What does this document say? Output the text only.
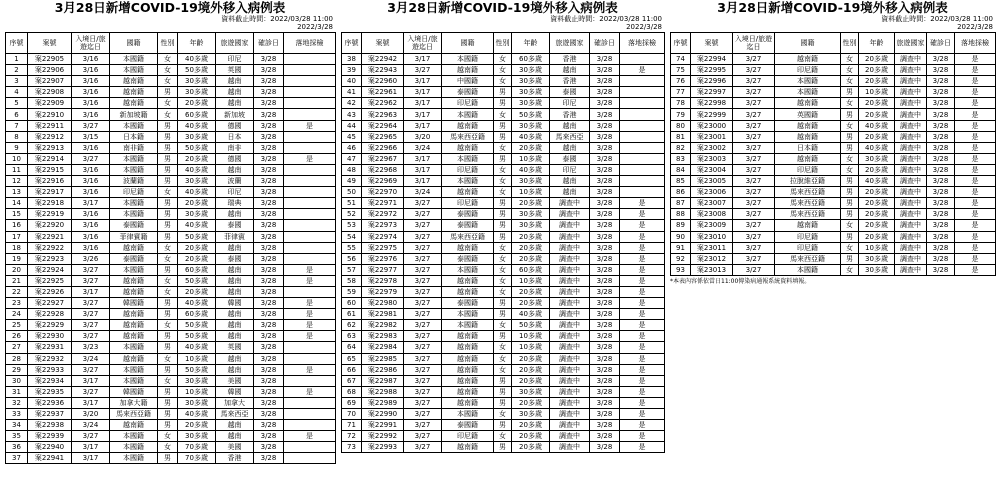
3月28日新增COVID-19境外移入病例表
資料截止時間：2022/03/28 11:00
2022/3/28
序號	案號	入境日/旅遊迄日	國籍	性別	年齡	旅遊國家	確診日	落地採檢
1	案22905	3/16	本國籍	女	40多歲	印尼	3/28	
2	案22906	3/16	本國籍	女	50多歲	英國	3/28	
3	案22907	3/16	越南籍	女	30多歲	越南	3/28	
4	案22908	3/16	越南籍	男	30多歲	越南	3/28	
5	案22909	3/16	越南籍	女	20多歲	越南	3/28	
6	案22910	3/16	新加坡籍	女	60多歲	新加坡	3/28	
7	案22911	3/27	本國籍	男	40多歲	德國	3/28	是
8	案22912	3/15	日本籍	男	30多歲	日本	3/28	
9	案22913	3/16	南非籍	男	50多歲	南非	3/28	
10	案22914	3/27	本國籍	男	20多歲	德國	3/28	是
11	案22915	3/16	本國籍	男	40多歲	越南	3/28	
12	案22916	3/16	波蘭籍	男	30多歲	波蘭	3/28	
13	案22917	3/16	印尼籍	女	40多歲	印尼	3/28	
14	案22918	3/17	本國籍	男	20多歲	瑞典	3/28	
15	案22919	3/16	本國籍	男	30多歲	越南	3/28	
16	案22920	3/16	泰國籍	男	40多歲	泰國	3/28	
17	案22921	3/16	菲律賓籍	男	50多歲	菲律賓	3/28	
18	案22922	3/16	越南籍	女	20多歲	越南	3/28	
19	案22923	3/26	泰國籍	女	20多歲	泰國	3/28	
20	案22924	3/27	本國籍	男	60多歲	越南	3/28	是
21	案22925	3/27	越南籍	女	50多歲	越南	3/28	是
22	案22926	3/17	越南籍	女	20多歲	越南	3/28	
23	案22927	3/27	韓國籍	男	40多歲	韓國	3/28	是
24	案22928	3/27	越南籍	男	60多歲	越南	3/28	是
25	案22929	3/27	越南籍	女	50多歲	越南	3/28	是
26	案22930	3/27	越南籍	男	50多歲	越南	3/28	是
27	案22931	3/23	本國籍	男	40多歲	英國	3/28	
28	案22932	3/24	越南籍	女	10多歲	越南	3/28	
29	案22933	3/27	本國籍	男	50多歲	越南	3/28	是
30	案22934	3/17	本國籍	女	30多歲	美國	3/28	
31	案22935	3/27	韓國籍	男	10多歲	韓國	3/28	是
32	案22936	3/17	加拿大籍	男	30多歲	加拿大	3/28	
33	案22937	3/20	馬來西亞籍	男	40多歲	馬來西亞	3/28	
34	案22938	3/24	越南籍	男	20多歲	越南	3/28	
35	案22939	3/27	本國籍	女	30多歲	越南	3/28	是
36	案22940	3/17	本國籍	女	70多歲	美國	3/28	
37	案22941	3/17	本國籍	男	70多歲	香港	3/28	
3月28日新增COVID-19境外移入病例表
資料截止時間：2022/03/28 11:00
2022/3/28
序號	案號	入境日/旅遊迄日	國籍	性別	年齡	旅遊國家	確診日	落地採檢
38	案22942	3/17	本國籍	女	60多歲	香港	3/28	
39	案22943	3/27	越南籍	女	30多歲	越南	3/28	是
40	案22960	3/17	中國籍	女	30多歲	香港	3/28	
41	案22961	3/17	泰國籍	男	30多歲	泰國	3/28	
42	案22962	3/17	印尼籍	男	30多歲	印尼	3/28	
43	案22963	3/17	本國籍	女	50多歲	香港	3/28	
44	案22964	3/17	越南籍	男	30多歲	越南	3/28	
45	案22965	3/20	馬來西亞籍	男	40多歲	馬來西亞	3/28	
46	案22966	3/24	越南籍	女	20多歲	越南	3/28	
47	案22967	3/17	本國籍	男	10多歲	泰國	3/28	
48	案22968	3/17	印尼籍	女	40多歲	印尼	3/28	
49	案22969	3/17	本國籍	女	30多歲	越南	3/28	
50	案22970	3/24	越南籍	女	10多歲	越南	3/28	
51	案22971	3/27	印尼籍	男	20多歲	調查中	3/28	是
52	案22972	3/27	泰國籍	男	30多歲	調查中	3/28	是
53	案22973	3/27	泰國籍	男	30多歲	調查中	3/28	是
54	案22974	3/27	馬來西亞籍	男	20多歲	調查中	3/28	是
55	案22975	3/27	越南籍	女	20多歲	調查中	3/28	是
56	案22976	3/27	泰國籍	女	20多歲	調查中	3/28	是
57	案22977	3/27	本國籍	女	60多歲	調查中	3/28	是
58	案22978	3/27	越南籍	女	10多歲	調查中	3/28	是
59	案22979	3/27	越南籍	女	20多歲	調查中	3/28	是
60	案22980	3/27	泰國籍	男	20多歲	調查中	3/28	是
61	案22981	3/27	本國籍	男	40多歲	調查中	3/28	是
62	案22982	3/27	本國籍	女	50多歲	調查中	3/28	是
63	案22983	3/27	越南籍	男	10多歲	調查中	3/28	是
64	案22984	3/27	越南籍	女	10多歲	調查中	3/28	是
65	案22985	3/27	越南籍	女	20多歲	調查中	3/28	是
66	案22986	3/27	越南籍	女	20多歲	調查中	3/28	是
67	案22987	3/27	越南籍	男	20多歲	調查中	3/28	是
68	案22988	3/27	越南籍	男	30多歲	調查中	3/28	是
69	案22989	3/27	越南籍	男	20多歲	調查中	3/28	是
70	案22990	3/27	本國籍	女	30多歲	調查中	3/28	是
71	案22991	3/27	泰國籍	男	20多歲	調查中	3/28	是
72	案22992	3/27	印尼籍	女	20多歲	調查中	3/28	是
73	案22993	3/27	越南籍	男	20多歲	調查中	3/28	是
3月28日新增COVID-19境外移入病例表
資料截止時間：2022/03/28 11:00
2022/3/28
序號	案號	入境日/旅遊迄日	國籍	性別	年齡	旅遊國家	確診日	落地採檢
74	案22994	3/27	越南籍	女	20多歲	調查中	3/28	是
75	案22995	3/27	印尼籍	女	20多歲	調查中	3/28	是
76	案22996	3/27	本國籍	女	20多歲	調查中	3/28	是
77	案22997	3/27	本國籍	男	10多歲	調查中	3/28	是
78	案22998	3/27	越南籍	女	20多歲	調查中	3/28	是
79	案22999	3/27	英國籍	男	20多歲	調查中	3/28	是
80	案23000	3/27	越南籍	女	40多歲	調查中	3/28	是
81	案23001	3/27	越南籍	男	20多歲	調查中	3/28	是
82	案23002	3/27	日本籍	男	40多歲	調查中	3/28	是
83	案23003	3/27	越南籍	女	30多歲	調查中	3/28	是
84	案23004	3/27	印尼籍	女	20多歲	調查中	3/28	是
85	案23005	3/27	拉脫維亞籍	男	40多歲	調查中	3/28	是
86	案23006	3/27	馬來西亞籍	男	20多歲	調查中	3/28	是
87	案23007	3/27	馬來西亞籍	男	20多歲	調查中	3/28	是
88	案23008	3/27	馬來西亞籍	男	20多歲	調查中	3/28	是
89	案23009	3/27	越南籍	女	20多歲	調查中	3/28	是
90	案23010	3/27	印尼籍	男	20多歲	調查中	3/28	是
91	案23011	3/27	印尼籍	女	10多歲	調查中	3/28	是
92	案23012	3/27	馬來西亞籍	男	30多歲	調查中	3/28	是
93	案23013	3/27	本國籍	女	30多歲	調查中	3/28	是
*本表內容係依當日11:00傳染病通報系統資料填報。
